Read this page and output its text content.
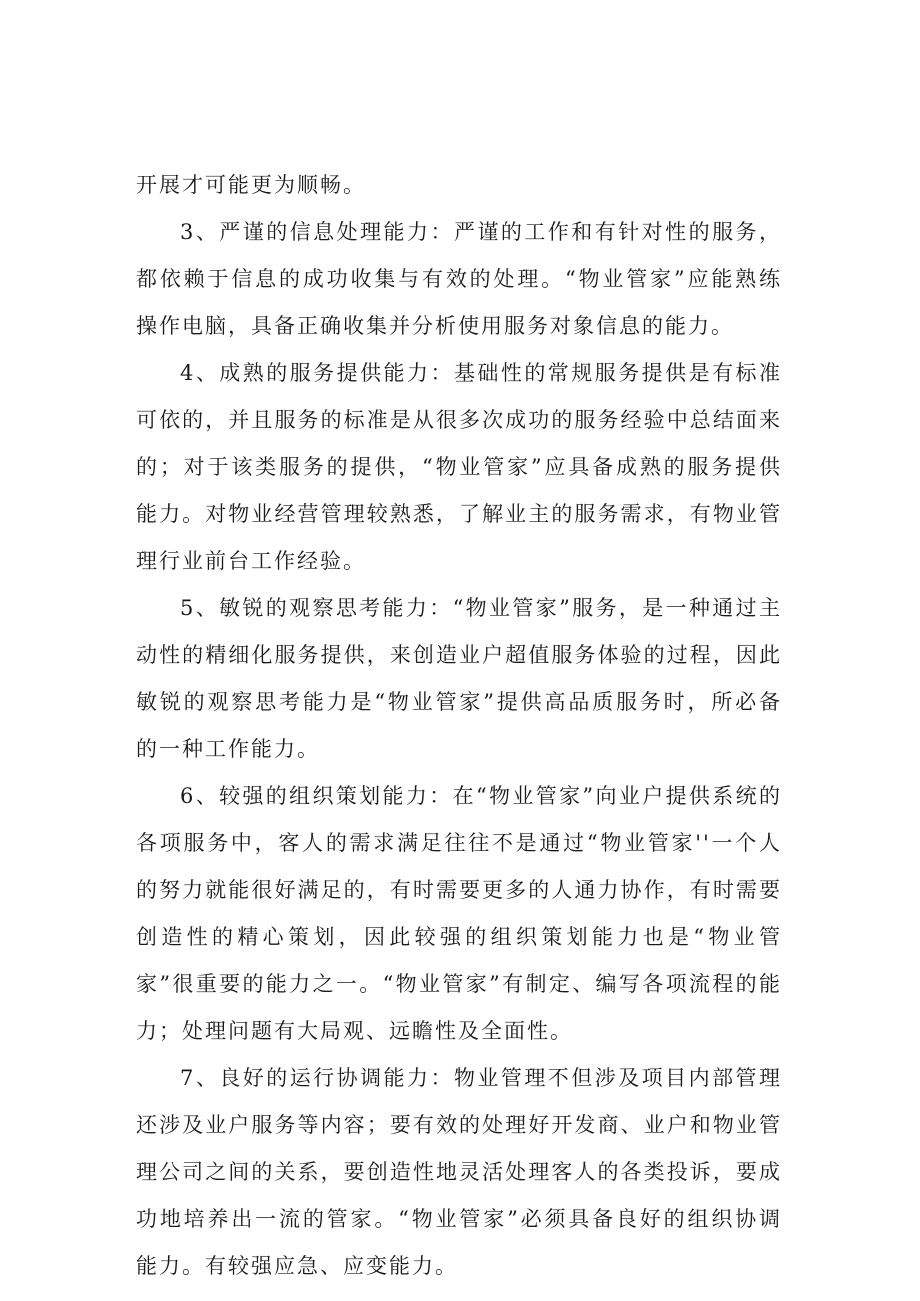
开展才可能更为顺畅。

3、严谨的信息处理能力：严谨的工作和有针对性的服务，都依赖于信息的成功收集与有效的处理。“物业管家”应能熟练操作电脑，具备正确收集并分析使用服务对象信息的能力。

4、成熟的服务提供能力：基础性的常规服务提供是有标准可依的，并且服务的标准是从很多次成功的服务经验中总结面来的；对于该类服务的提供，“物业管家”应具备成熟的服务提供能力。对物业经营管理较熟悉，了解业主的服务需求，有物业管理行业前台工作经验。

5、敏锐的观察思考能力：“物业管家”服务，是一种通过主动性的精细化服务提供，来创造业户超值服务体验的过程，因此敏锐的观察思考能力是“物业管家”提供高品质服务时，所必备的一种工作能力。

6、较强的组织策划能力：在“物业管家”向业户提供系统的各项服务中，客人的需求满足往往不是通过“物业管家''一个人的努力就能很好满足的，有时需要更多的人通力协作，有时需要创造性的精心策划，因此较强的组织策划能力也是“物业管家”很重要的能力之一。“物业管家”有制定、编写各项流程的能力；处理问题有大局观、远瞻性及全面性。

7、良好的运行协调能力：物业管理不但涉及项目内部管理还涉及业户服务等内容；要有效的处理好开发商、业户和物业管理公司之间的关系，要创造性地灵活处理客人的各类投诉，要成功地培养出一流的管家。“物业管家”必须具备良好的组织协调能力。有较强应急、应变能力。
